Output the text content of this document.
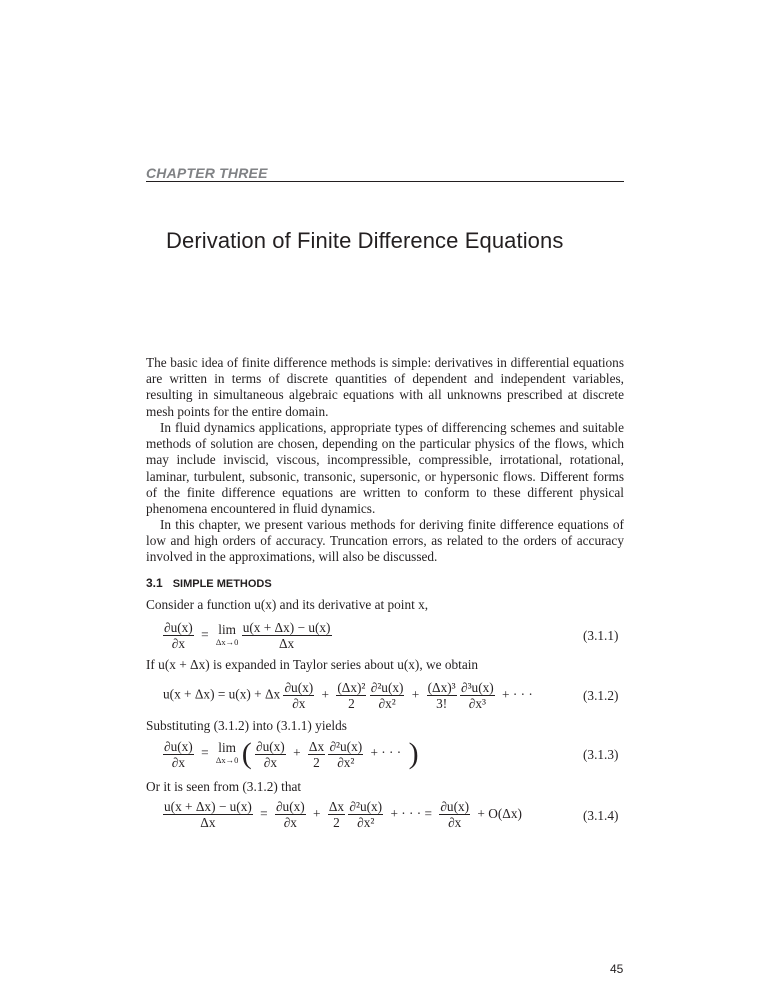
CHAPTER THREE
Derivation of Finite Difference Equations
The basic idea of finite difference methods is simple: derivatives in differential equations are written in terms of discrete quantities of dependent and independent variables, resulting in simultaneous algebraic equations with all unknowns prescribed at discrete mesh points for the entire domain.
In fluid dynamics applications, appropriate types of differencing schemes and suitable methods of solution are chosen, depending on the particular physics of the flows, which may include inviscid, viscous, incompressible, compressible, irrotational, rotational, laminar, turbulent, subsonic, transonic, supersonic, or hypersonic flows. Different forms of the finite difference equations are written to conform to these different physical phenomena encountered in fluid dynamics.
In this chapter, we present various methods for deriving finite difference equations of low and high orders of accuracy. Truncation errors, as related to the orders of accuracy involved in the approximations, will also be discussed.
3.1 SIMPLE METHODS
Consider a function u(x) and its derivative at point x,
$\frac{\partial u(x)}{\partial x} = \lim$
Δx→0
$\frac{u(x + \Delta x) - u(x)}{\Delta x}$	(3.1.1)
If u(x + Δx) is expanded in Taylor series about u(x), we obtain
u(x + Δx) = u(x) + Δx $\frac{\partial u(x)}{\partial x} + \frac{\text{(Δx)²}}{2}$
$\frac{\text{∂²u(x)}}{\text{∂x²}} + \frac{\text{(Δx)³}}{3!}$
$\frac{\text{∂³u(x)}}{\text{∂x³}}$ + · · ·	(3.1.2)
Substituting (3.1.2) into (3.1.1) yields
$\frac{\partial u(x)}{\partial x} = \lim$
Δx→0 ( $\frac{\partial u(x)}{\partial x} + \frac{\Delta x}{2}$
$\frac{\text{∂²u(x)}}{\text{∂x²}}$ + · · · )	(3.1.3)
Or it is seen from (3.1.2) that
$\frac{u(x + \Delta x) - u(x)}{\Delta x} = \frac{\partial u(x)}{\partial x} + \frac{\Delta x}{2}$
$\frac{\text{∂²u(x)}}{\text{∂x²}}$ + · · · = $\frac{\partial u(x)}{\partial x} + O(\Delta x)$	(3.1.4)
45
